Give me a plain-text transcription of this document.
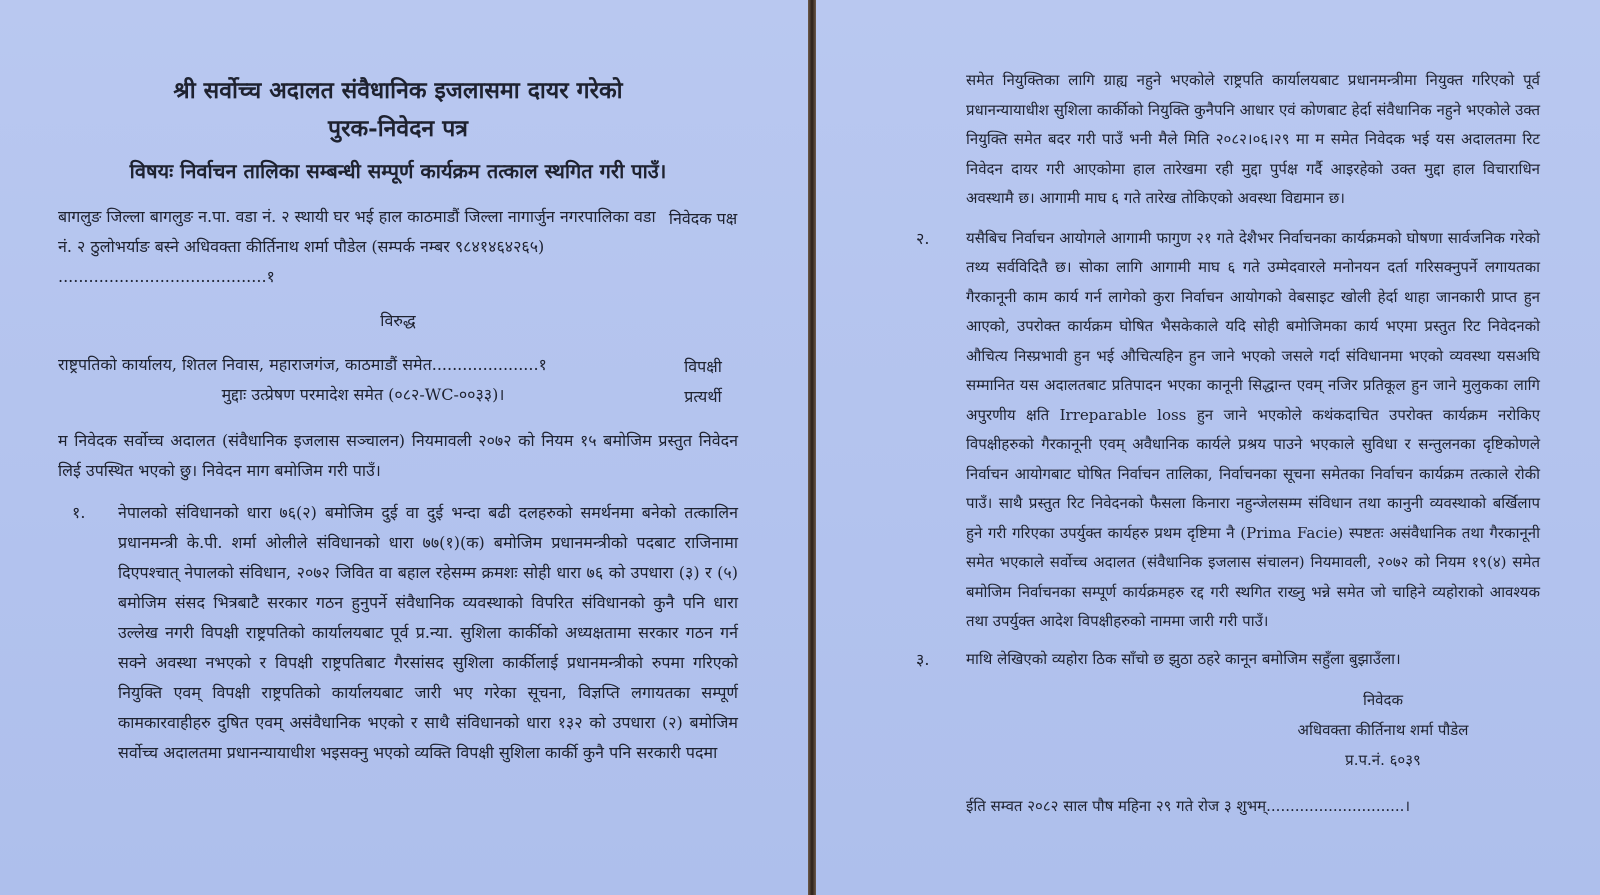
श्री सर्वोच्च अदालत संवैधानिक इजलासमा दायर गरेको

पुरक-निवेदन पत्र

विषयः निर्वाचन तालिका सम्बन्धी सम्पूर्ण कार्यक्रम तत्काल स्थगित गरी पाउँ।

बागलुङ जिल्ला बागलुङ न.पा. वडा नं. २ स्थायी घर भई हाल काठमाडौं जिल्ला नागार्जुन नगरपालिका वडा नं. २ ठुलोभर्याङ बस्ने अधिवक्ता कीर्तिनाथ शर्मा पौडेल (सम्पर्क नम्बर ९८४१४६४२६५) .........................................१
निवेदक पक्ष
विरुद्ध
राष्ट्रपतिको कार्यालय, शितल निवास, महाराजगंज, काठमाडौं समेत.....................१
मुद्दाः उत्प्रेषण परमादेश समेत (०८२-WC-००३३)।
विपक्षी प्रत्यर्थी

म निवेदक सर्वोच्च अदालत (संवैधानिक इजलास सञ्चालन) नियमावली २०७२ को नियम १५ बमोजिम प्रस्तुत निवेदन लिई उपस्थित भएको छु। निवेदन माग बमोजिम गरी पाउँ।

१.	नेपालको संविधानको धारा ७६(२) बमोजिम दुई वा दुई भन्दा बढी दलहरुको समर्थनमा बनेको तत्कालिन प्रधानमन्त्री के.पी. शर्मा ओलीले संविधानको धारा ७७(१)(क) बमोजिम प्रधानमन्त्रीको पदबाट राजिनामा दिएपश्चात् नेपालको संविधान, २०७२ जिवित वा बहाल रहेसम्म क्रमशः सोही धारा ७६ को उपधारा (३) र (५) बमोजिम संसद भित्रबाटै सरकार गठन हुनुपर्ने संवैधानिक व्यवस्थाको विपरित संविधानको कुनै पनि धारा उल्लेख नगरी विपक्षी राष्ट्रपतिको कार्यालयबाट पूर्व प्र.न्या. सुशिला कार्कीको अध्यक्षतामा सरकार गठन गर्न सक्ने अवस्था नभएको र विपक्षी राष्ट्रपतिबाट गैरसांसद सुशिला कार्कीलाई प्रधानमन्त्रीको रुपमा गरिएको नियुक्ति एवम् विपक्षी राष्ट्रपतिको कार्यालयबाट जारी भए गरेका सूचना, विज्ञप्ति लगायतका सम्पूर्ण कामकारवाहीहरु दुषित एवम् असंवैधानिक भएको र साथै संविधानको धारा १३२ को उपधारा (२) बमोजिम सर्वोच्च अदालतमा प्रधानन्यायाधीश भइसक्नु भएको व्यक्ति विपक्षी सुशिला कार्की कुनै पनि सरकारी पदमा

समेत नियुक्तिका लागि ग्राह्य नहुने भएकोले राष्ट्रपति कार्यालयबाट प्रधानमन्त्रीमा नियुक्त गरिएको पूर्व प्रधानन्यायाधीश सुशिला कार्कीको नियुक्ति कुनैपनि आधार एवं कोणबाट हेर्दा संवैधानिक नहुने भएकोले उक्त नियुक्ति समेत बदर गरी पाउँ भनी मैले मिति २०८२।०६।२९ मा म समेत निवेदक भई यस अदालतमा रिट निवेदन दायर गरी आएकोमा हाल तारेखमा रही मुद्दा पुर्पक्ष गर्दै आइरहेको उक्त मुद्दा हाल विचाराधिन अवस्थामै छ। आगामी माघ ६ गते तारेख तोकिएको अवस्था विद्यमान छ।

२.	यसैबिच निर्वाचन आयोगले आगामी फागुण २१ गते देशैभर निर्वाचनका कार्यक्रमको घोषणा सार्वजनिक गरेको तथ्य सर्वविदितै छ। सोका लागि आगामी माघ ६ गते उम्मेदवारले मनोनयन दर्ता गरिसक्नुपर्ने लगायतका गैरकानूनी काम कार्य गर्न लागेको कुरा निर्वाचन आयोगको वेबसाइट खोली हेर्दा थाहा जानकारी प्राप्त हुन आएको, उपरोक्त कार्यक्रम घोषित भैसकेकाले यदि सोही बमोजिमका कार्य भएमा प्रस्तुत रिट निवेदनको औचित्य निस्प्रभावी हुन भई औचित्यहिन हुन जाने भएको जसले गर्दा संविधानमा भएको व्यवस्था यसअघि सम्मानित यस अदालतबाट प्रतिपादन भएका कानूनी सिद्धान्त एवम् नजिर प्रतिकूल हुन जाने मुलुकका लागि अपुरणीय क्षति Irreparable loss हुन जाने भएकोले कथंकदाचित उपरोक्त कार्यक्रम नरोकिए विपक्षीहरुको गैरकानूनी एवम् अवैधानिक कार्यले प्रश्रय पाउने भएकाले सुविधा र सन्तुलनका दृष्टिकोणले निर्वाचन आयोगबाट घोषित निर्वाचन तालिका, निर्वाचनका सूचना समेतका निर्वाचन कार्यक्रम तत्काले रोकी पाउँ। साथै प्रस्तुत रिट निवेदनको फैसला किनारा नहुन्जेलसम्म संविधान तथा कानुनी व्यवस्थाको बर्खिलाप हुने गरी गरिएका उपर्युक्त कार्यहरु प्रथम दृष्टिमा नै (Prima Facie) स्पष्टतः असंवैधानिक तथा गैरकानूनी समेत भएकाले सर्वोच्च अदालत (संवैधानिक इजलास संचालन) नियमावली, २०७२ को नियम १९(४) समेत बमोजिम निर्वाचनका सम्पूर्ण कार्यक्रमहरु रद्द गरी स्थगित राख्नु भन्ने समेत जो चाहिने व्यहोराको आवश्यक तथा उपर्युक्त आदेश विपक्षीहरुको नाममा जारी गरी पाउँ।
३.	माथि लेखिएको व्यहोरा ठिक साँचो छ झुठा ठहरे कानून बमोजिम सहुँला बुझाउँला।
निवेदक
अधिवक्ता कीर्तिनाथ शर्मा पौडेल
प्र.प.नं. ६०३९
ईति सम्वत २०८२ साल पौष महिना २९ गते रोज ३ शुभम्.............................।
